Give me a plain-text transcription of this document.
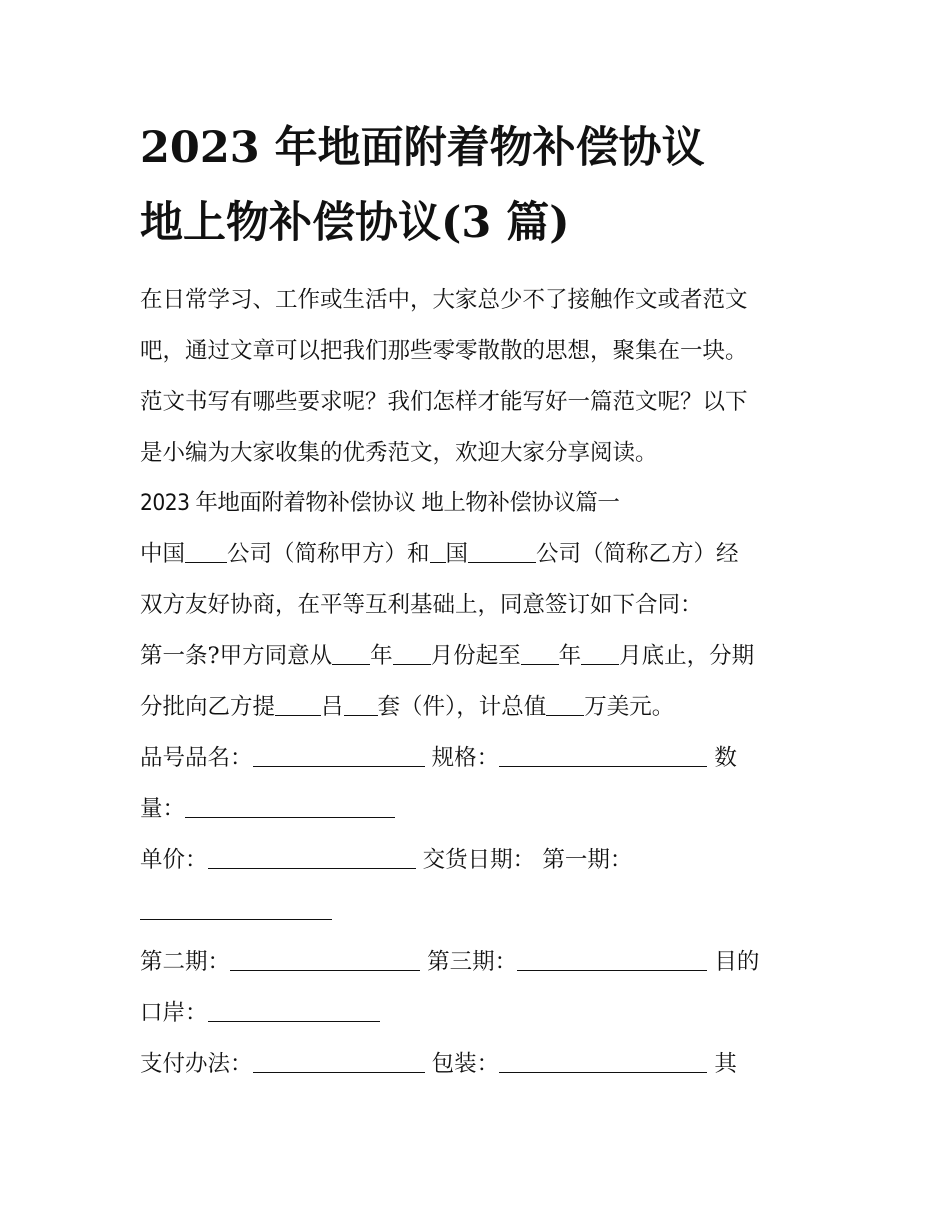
2023 年地面附着物补偿协议
地上物补偿协议(3 篇)
在日常学习、工作或生活中，大家总少不了接触作文或者范文
吧，通过文章可以把我们那些零零散散的思想，聚集在一块。
范文书写有哪些要求呢？我们怎样才能写好一篇范文呢？以下
是小编为大家收集的优秀范文，欢迎大家分享阅读。
2023 年地面附着物补偿协议 地上物补偿协议篇一
中国 公司（简称甲方）和 国	公司（简称乙方）经
双方友好协商，在平等互利基础上，同意签订如下合同：
第一条?甲方同意从 年 月份起至 年 月底止，分期
分批向乙方提 吕 套（件），计总值 万美元。
品号品名：	规格：	数
量：
单价：	交货日期： 第一期：
第二期：	第三期：	目的
口岸：
支付办法：	包装：	其
